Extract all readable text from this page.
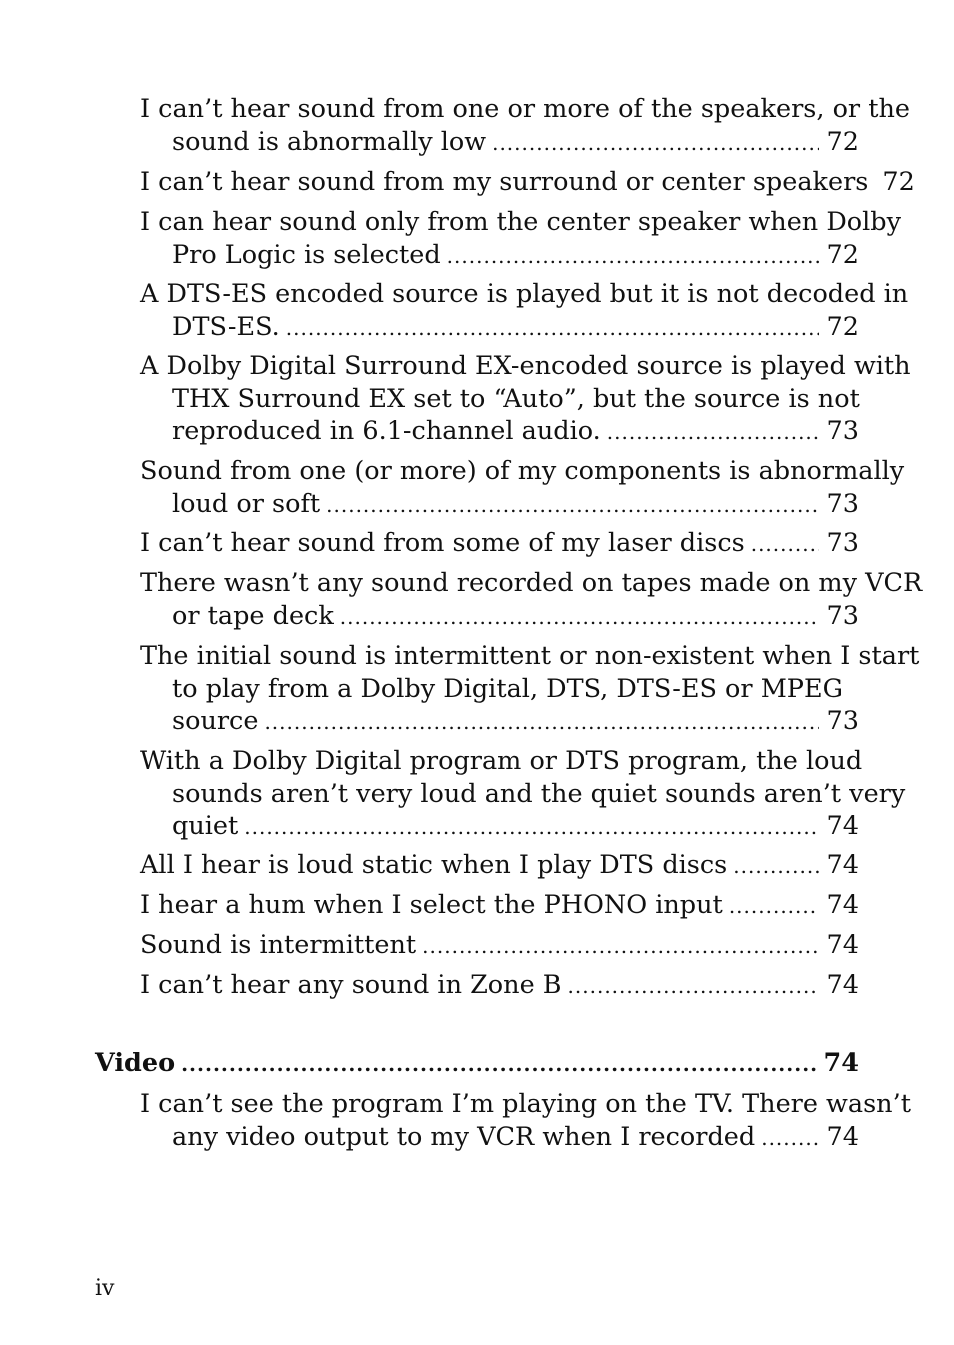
I can’t hear sound from one or more of the speakers, or the
sound is abnormally low .....	72
I can’t hear sound from my surround or center speakers 72
I can hear sound only from the center speaker when Dolby
Pro Logic is selected .....	72
A DTS-ES encoded source is played but it is not decoded in
DTS-ES. .....	72
A Dolby Digital Surround EX-encoded source is played with
THX Surround EX set to “Auto”, but the source is not
reproduced in 6.1-channel audio. .....	73
Sound from one (or more) of my components is abnormally
loud or soft .....	73
I can’t hear sound from some of my laser discs .....	73
There wasn’t any sound recorded on tapes made on my VCR
or tape deck .....	73
The initial sound is intermittent or non-existent when I start
to play from a Dolby Digital, DTS, DTS-ES or MPEG
source .....	73
With a Dolby Digital program or DTS program, the loud
sounds aren’t very loud and the quiet sounds aren’t very
quiet .....	74
All I hear is loud static when I play DTS discs .....	74
I hear a hum when I select the PHONO input .....	74
Sound is intermittent .....	74
I can’t hear any sound in Zone B .....	74
Video .....	74
I can’t see the program I’m playing on the TV. There wasn’t
any video output to my VCR when I recorded .....	74
iv
